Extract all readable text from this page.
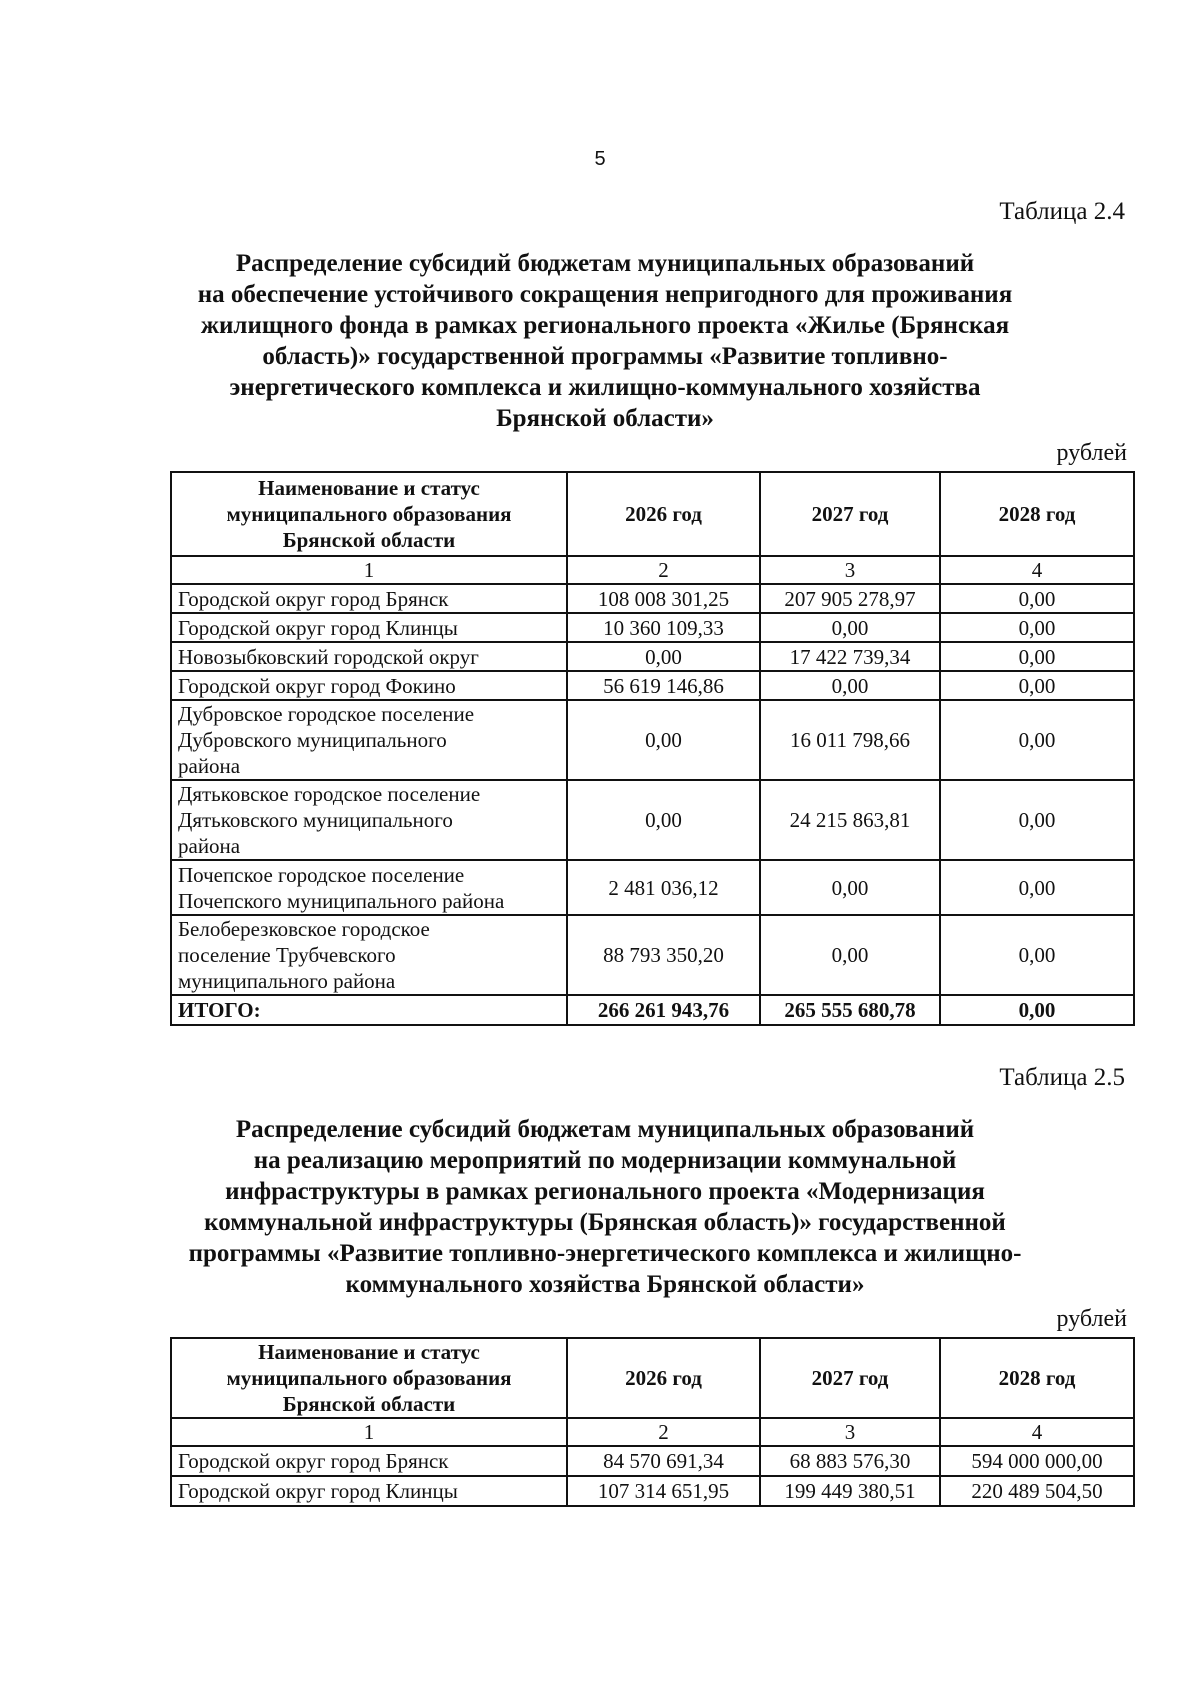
5
Таблица 2.4
Распределение субсидий бюджетам муниципальных образований
на обеспечение устойчивого сокращения непригодного для проживания
жилищного фонда в рамках регионального проекта «Жилье (Брянская
область)» государственной программы «Развитие топливно-
энергетического комплекса и жилищно-коммунального хозяйства
Брянской области»
рублей
Наименование и статус
муниципального образования
Брянской области	2026 год	2027 год	2028 год
1	2	3	4

Городской округ город Брянск	108 008 301,25	207 905 278,97	0,00

Городской округ город Клинцы	10 360 109,33	0,00	0,00

Новозыбковский городской округ	0,00	17 422 739,34	0,00

Городской округ город Фокино	56 619 146,86	0,00	0,00

Дубровское городское поселение
Дубровского муниципального
района	0,00	16 011 798,66	0,00

Дятьковское городское поселение
Дятьковского муниципального
района	0,00	24 215 863,81	0,00

Почепское городское поселение
Почепского муниципального района	2 481 036,12	0,00	0,00

Белоберезковское городское
поселение Трубчевского
муниципального района	88 793 350,20	0,00	0,00
ИТОГО:	266 261 943,76	265 555 680,78	0,00
Таблица 2.5
Распределение субсидий бюджетам муниципальных образований
на реализацию мероприятий по модернизации коммунальной
инфраструктуры в рамках регионального проекта «Модернизация
коммунальной инфраструктуры (Брянская область)» государственной
программы «Развитие топливно-энергетического комплекса и жилищно-
коммунального хозяйства Брянской области»
рублей
Наименование и статус
муниципального образования
Брянской области	2026 год	2027 год	2028 год
1	2	3	4

Городской округ город Брянск	84 570 691,34	68 883 576,30	594 000 000,00

Городской округ город Клинцы	107 314 651,95	199 449 380,51	220 489 504,50
